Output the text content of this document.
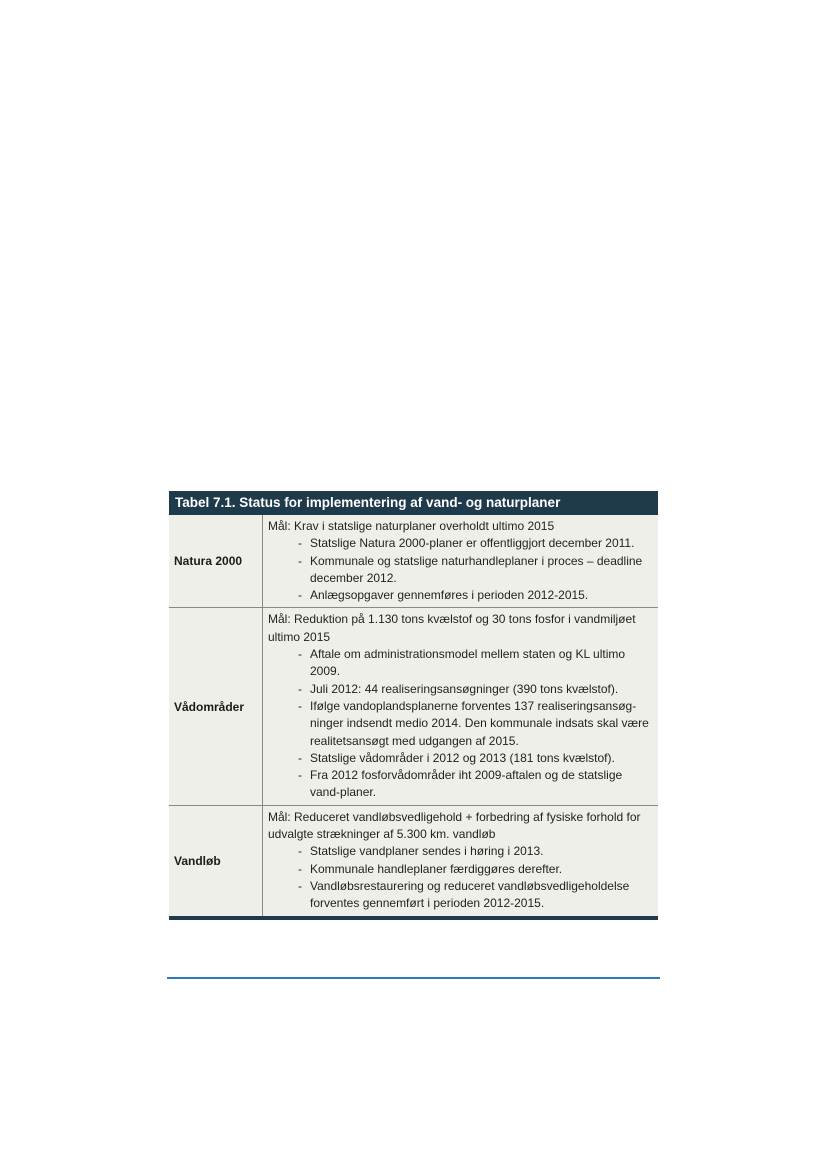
Tabel 7.1. Status for implementering af vand- og naturplaner
Natura 2000

Mål: Krav i statslige naturplaner overholdt ultimo 2015

- Statslige Natura 2000-planer er offentliggjort december 2011.
- Kommunale og statslige naturhandleplaner i proces – deadline december 2012.
- Anlægsopgaver gennemføres i perioden 2012-2015.
Vådområder

Mål: Reduktion på 1.130 tons kvælstof og 30 tons fosfor i vandmiljøet ultimo 2015

- Aftale om administrationsmodel mellem staten og KL ultimo 2009.
- Juli 2012: 44 realiseringsansøgninger (390 tons kvælstof).
- Ifølge vandoplandsplanerne forventes 137 realiseringsansøg-ninger indsendt medio 2014. Den kommunale indsats skal være realitetsansøgt med udgangen af 2015.
- Statslige vådområder i 2012 og 2013 (181 tons kvælstof).
- Fra 2012 fosforvådområder iht 2009-aftalen og de statslige vand-planer.
Vandløb

Mål: Reduceret vandløbsvedligehold + forbedring af fysiske forhold for udvalgte strækninger af 5.300 km. vandløb

- Statslige vandplaner sendes i høring i 2013.
- Kommunale handleplaner færdiggøres derefter.
- Vandløbsrestaurering og reduceret vandløbsvedligeholdelse forventes gennemført i perioden 2012-2015.
